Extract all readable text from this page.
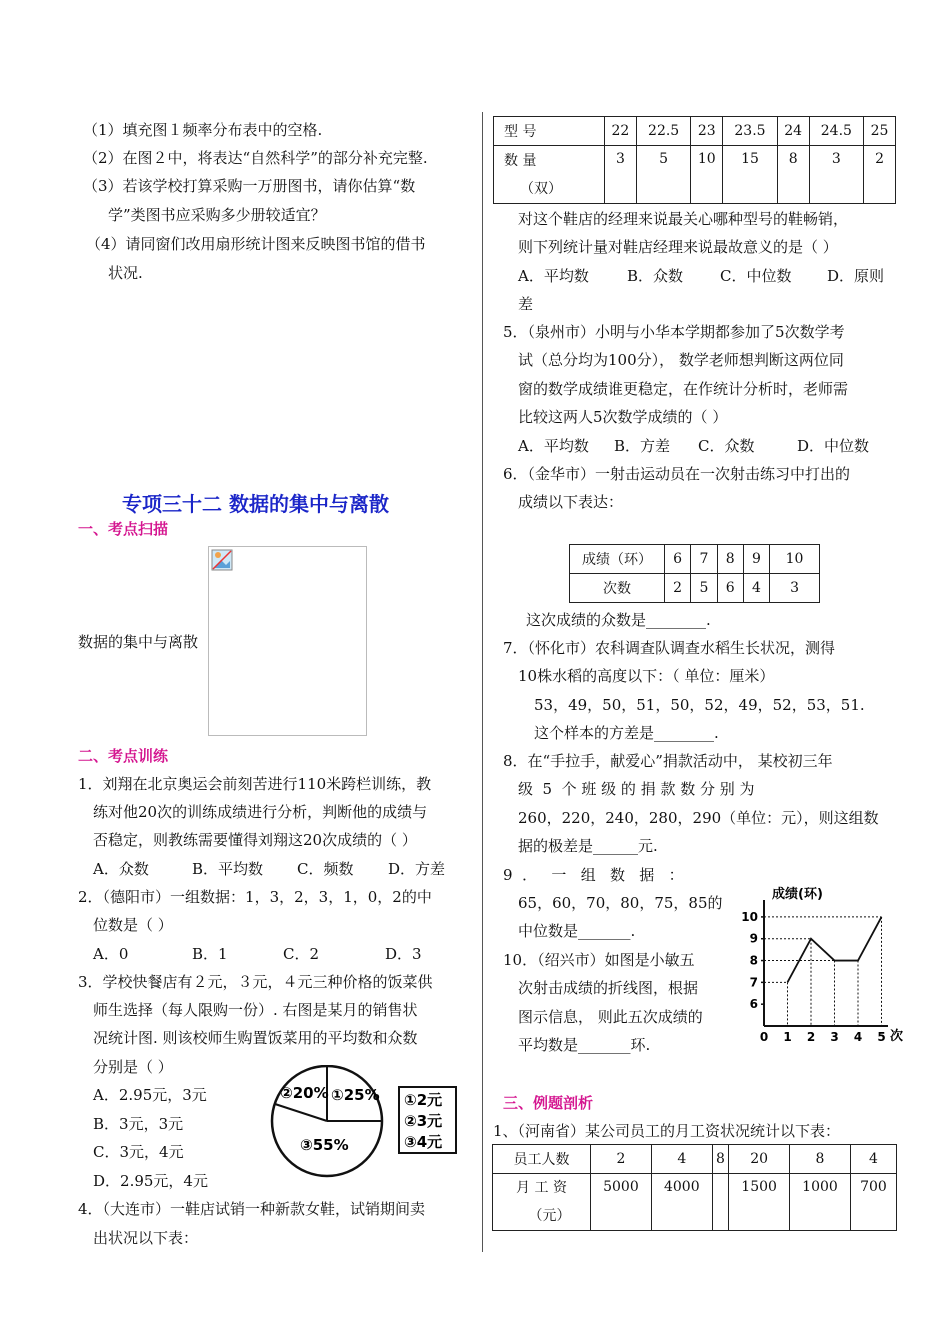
（1）填充图１频率分布表中的空格.
（2）在图２中，将表达“自然科学”的部分补充完整.
（3）若该学校打算采购一万册图书，请你估算“数
学”类图书应采购多少册较适宜？
（4）请同窗们改用扇形统计图来反映图书馆的借书
状况.
专项三十二 数据的集中与离散
一、考点扫描
数据的集中与离散
二、考点训练
1．刘翔在北京奥运会前刻苦进行110米跨栏训练，教
练对他20次的训练成绩进行分析，判断他的成绩与
否稳定，则教练需要懂得刘翔这20次成绩的（ ）
A．众数	B．平均数 C．频数 D．方差
2．（德阳市）一组数据：1，3，2，3，1，0，2的中
位数是（ ）
A．0	B．1	C．2	D．3
3．学校快餐店有２元，３元，４元三种价格的饭菜供
师生选择（每人限购一份）. 右图是某月的销售状
况统计图. 则该校师生购置饭菜用的平均数和众数
分别是（ ）
A．2.95元，3元
B．3元，3元
C．3元，4元
D．2.95元，4元
②20% ①25%
③55%
①2元
②3元
③4元
4．（大连市）一鞋店试销一种新款女鞋，试销期间卖
出状况以下表：
型 号	22	22.5	23	23.5	24	24.5	25

数 量
（双）	3	5	10	15	8	3	2
对这个鞋店的经理来说最关心哪种型号的鞋畅销，
则下列统计量对鞋店经理来说最故意义的是（ ）
A．平均数	B．众数 C．中位数 D．原则
差
5．（泉州市）小明与小华本学期都参加了5次数学考
试（总分均为100分）， 数学老师想判断这两位同
窗的数学成绩谁更稳定，在作统计分析时，老师需
比较这两人5次数学成绩的（ ）
A．平均数 B．方差 C．众数	D．中位数
6．（金华市）一射击运动员在一次射击练习中打出的
成绩以下表达：
成绩（环）	6	7	8	9	10
次数	2	5	6	4	3
这次成绩的众数是________.
7．（怀化市）农科调查队调查水稻生长状况，测得
10株水稻的高度以下：（ 单位：厘米）
53，49，50，51，50，52，49，52，53，51.
这个样本的方差是________.
8．在“手拉手，献爱心”捐款活动中， 某校初三年
级  5  个 班 级 的 捐 款 数 分 别 为
260，220，240，280，290（单位：元），则这组数
据的极差是______元.
9  ．   一   组   数   据   ：
65，60，70，80，75，85的
中位数是_______.
10．（绍兴市）如图是小敏五
次射击成绩的折线图，根据
图示信息， 则此五次成绩的
平均数是_______环.
成绩(环)
次
6
7
8
9
10
0 1 2 3 4 5
三、例题剖析
1、（河南省）某公司员工的月工资状况统计以下表：
员工人数	2	4	8	20	8	4

月 工 资
（元）	5000	4000		1500	1000	700
